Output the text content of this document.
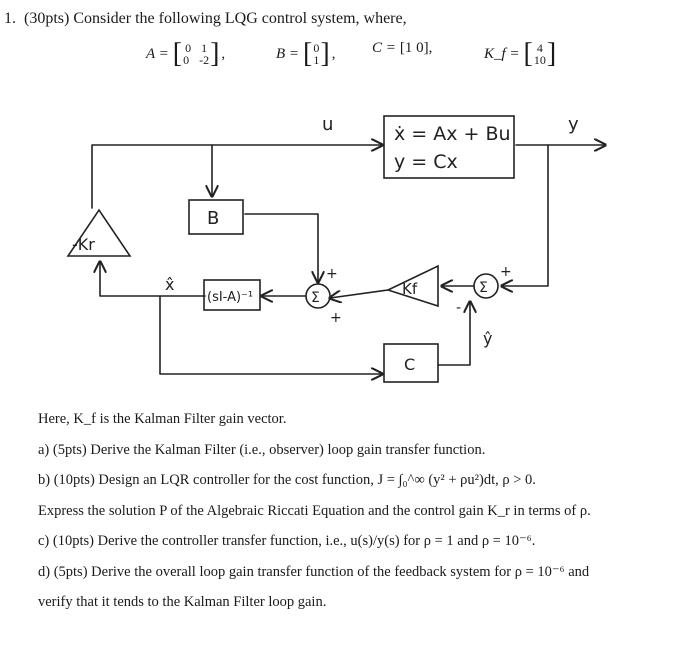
1. (30pts) Consider the following LQG control system, where,
A = [ 0 1
0 -2 ] ,	B = [ 0
1 ] , C = [1 0],	K_f = [ 4
10 ]
ẋ = Ax + Bu
y = Cx
u	y
B
-Kr
(sI-A)⁻¹
x̂
Σ
+
+
Kf	Σ
+
-
ŷ
C
Here, K_f is the Kalman Filter gain vector.
a) (5pts) Derive the Kalman Filter (i.e., observer) loop gain transfer function.
b) (10pts) Design an LQR controller for the cost function, J = ∫₀^∞ (y² + ρu²)dt, ρ > 0.
Express the solution P of the Algebraic Riccati Equation and the control gain K_r in terms of ρ.
c) (10pts) Derive the controller transfer function, i.e., u(s)/y(s) for ρ = 1 and ρ = 10⁻⁶.
d) (5pts) Derive the overall loop gain transfer function of the feedback system for ρ = 10⁻⁶ and
verify that it tends to the Kalman Filter loop gain.
